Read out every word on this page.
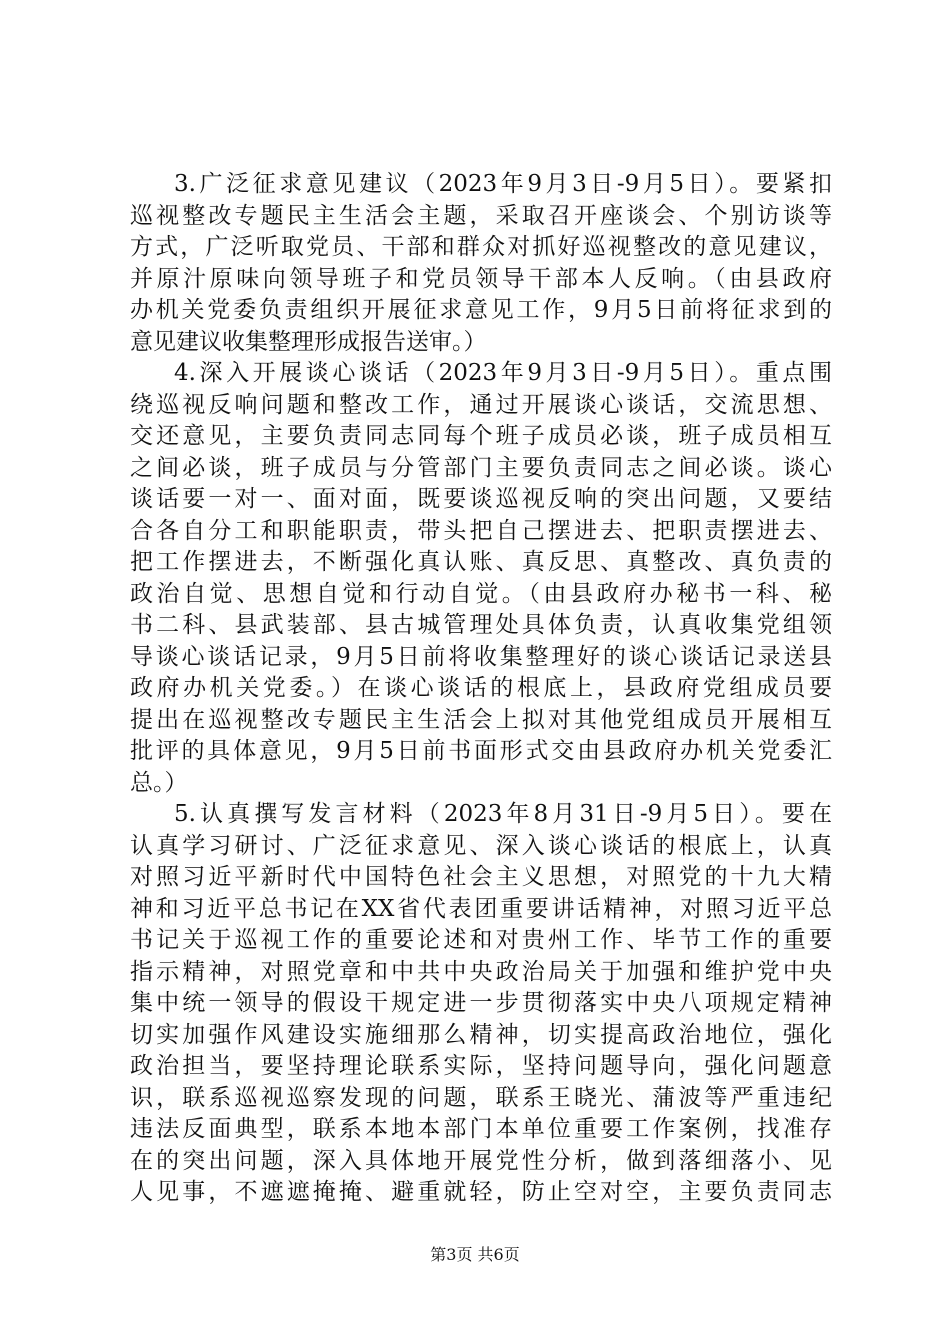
3.广泛征求意见建议（2023年9月3日-9月5日）。要紧扣
巡视整改专题民主生活会主题，采取召开座谈会、个别访谈等
方式，广泛听取党员、干部和群众对抓好巡视整改的意见建议，
并原汁原味向领导班子和党员领导干部本人反响。（由县政府
办机关党委负责组织开展征求意见工作，9月5日前将征求到的
意见建议收集整理形成报告送审。）
4.深入开展谈心谈话（2023年9月3日-9月5日）。重点围
绕巡视反响问题和整改工作，通过开展谈心谈话，交流思想、
交还意见，主要负责同志同每个班子成员必谈，班子成员相互
之间必谈，班子成员与分管部门主要负责同志之间必谈。谈心
谈话要一对一、面对面，既要谈巡视反响的突出问题，又要结
合各自分工和职能职责，带头把自己摆进去、把职责摆进去、
把工作摆进去，不断强化真认账、真反思、真整改、真负责的
政治自觉、思想自觉和行动自觉。（由县政府办秘书一科、秘
书二科、县武装部、县古城管理处具体负责，认真收集党组领
导谈心谈话记录，9月5日前将收集整理好的谈心谈话记录送县
政府办机关党委。）在谈心谈话的根底上，县政府党组成员要
提出在巡视整改专题民主生活会上拟对其他党组成员开展相互
批评的具体意见，9月5日前书面形式交由县政府办机关党委汇
总。）
5.认真撰写发言材料（2023年8月31日-9月5日）。要在
认真学习研讨、广泛征求意见、深入谈心谈话的根底上，认真
对照习近平新时代中国特色社会主义思想，对照党的十九大精
神和习近平总书记在XX省代表团重要讲话精神，对照习近平总
书记关于巡视工作的重要论述和对贵州工作、毕节工作的重要
指示精神，对照党章和中共中央政治局关于加强和维护党中央
集中统一领导的假设干规定进一步贯彻落实中央八项规定精神
切实加强作风建设实施细那么精神，切实提高政治地位，强化
政治担当，要坚持理论联系实际，坚持问题导向，强化问题意
识，联系巡视巡察发现的问题，联系王晓光、蒲波等严重违纪
违法反面典型，联系本地本部门本单位重要工作案例，找准存
在的突出问题，深入具体地开展党性分析，做到落细落小、见
人见事，不遮遮掩掩、避重就轻，防止空对空，主要负责同志
第3页 共6页
